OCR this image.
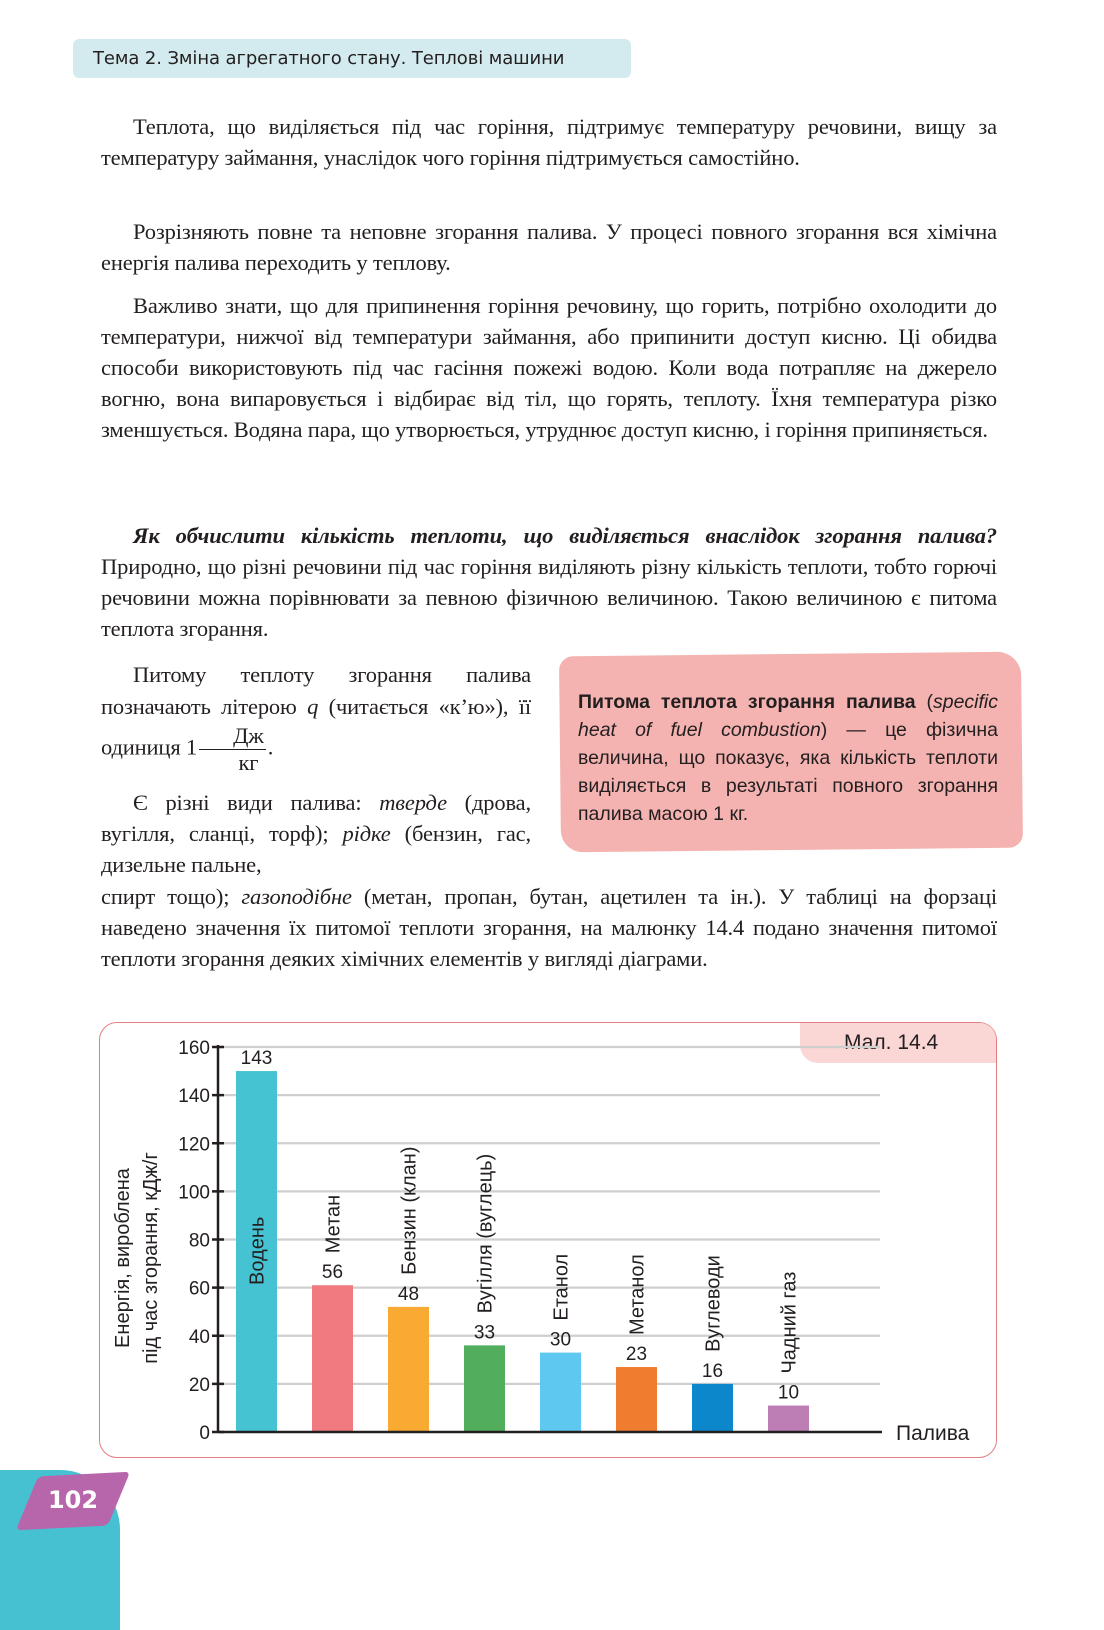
Тема 2. Зміна агрегатного стану. Теплові машини

Теплота, що виділяється під час горіння, підтримує температуру речовини, вищу за температуру займання, унаслідок чого горіння підтримується самостійно.

Розрізняють повне та неповне згорання палива. У процесі повного згорання вся хімічна енергія палива переходить у теплову.

Важливо знати, що для припинення горіння речовину, що горить, потрібно охолодити до температури, нижчої від температури займання, або припинити доступ кисню. Ці обидва способи використовують під час гасіння пожежі водою. Коли вода потрапляє на джерело вогню, вона випаровується і відбирає від тіл, що горять, теплоту. Їхня температура різко зменшується. Водяна пара, що утворюється, утруднює доступ кисню, і горіння припиняється.

Як обчислити кількість теплоти, що виділяється внаслідок згорання палива? Природно, що різні речовини під час горіння виділяють різну кількість теплоти, тобто горючі речовини можна порівнювати за певною фізичною величиною. Такою величиною є питома теплота згорання.

Питому теплоту згорання палива позначають літерою q (читається «к’ю»), її одиниця $1 \frac{Дж}{кг}$ .

Є різні види палива: тверде (дрова, вугілля, сланці, торф); рідке (бензин, гас, дизельне пальне,

спирт тощо); газоподібне (метан, пропан, бутан, ацетилен та ін.). У таблиці на форзаці наведено значення їх питомої теплоти згорання, на малюнку 14.4 подано значення питомої теплоти згорання деяких хімічних елементів у вигляді діаграми.

Питома теплота згорання палива (specific heat of fuel combustion) — це фізична величина, що показує, яка кількість теплоти виділяється в результаті повного згорання палива масою 1 кг.
Мал. 14.4
143
Водень	56
Метан
48
Бензин (клан)
33
Вугілля (вуглець)
30
Етанол
23
Метанол
16
Вуглеводи
10
Чадний газ
0
20
40
60
80
100
120
140
160
Палива
Енергія, вироблена під час згорання, кДж/г
102
